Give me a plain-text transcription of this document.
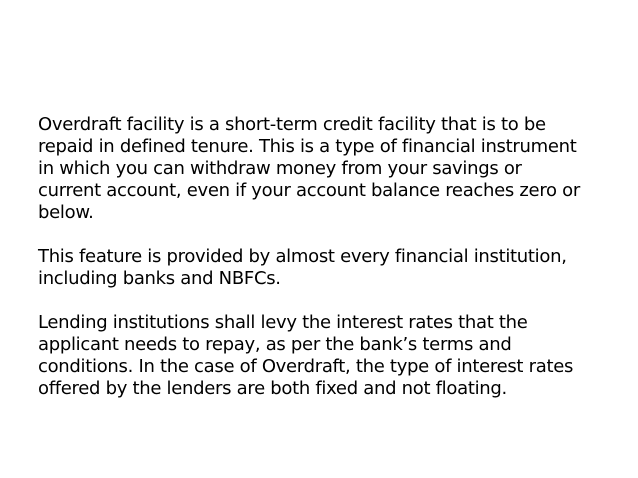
Overdraft facility is a short-term credit facility that is to be
repaid in defined tenure. This is a type of financial instrument
in which you can withdraw money from your savings or
current account, even if your account balance reaches zero or
below.

This feature is provided by almost every financial institution,
including banks and NBFCs.

Lending institutions shall levy the interest rates that the
applicant needs to repay, as per the bank’s terms and
conditions. In the case of Overdraft, the type of interest rates
offered by the lenders are both fixed and not floating.
